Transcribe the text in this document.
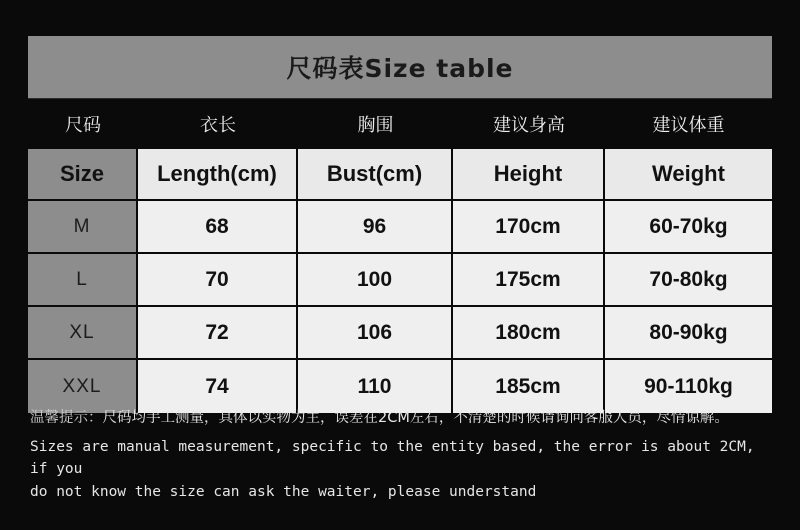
尺码表Size table
尺码	衣长	胸围	建议身高	建议体重
Size	Length(cm)	Bust(cm)	Height	Weight
M	68	96	170cm	60-70kg
L	70	100	175cm	70-80kg
XL	72	106	180cm	80-90kg
XXL	74	110	185cm	90-110kg
温馨提示：尺码均手工测量，具体以实物为主，误差在2CM左右，不清楚的时候请询问客服人员，尽情谅解。
Sizes are manual measurement, specific to the entity based, the error is about 2CM, if you
do not know the size can ask the waiter, please understand
